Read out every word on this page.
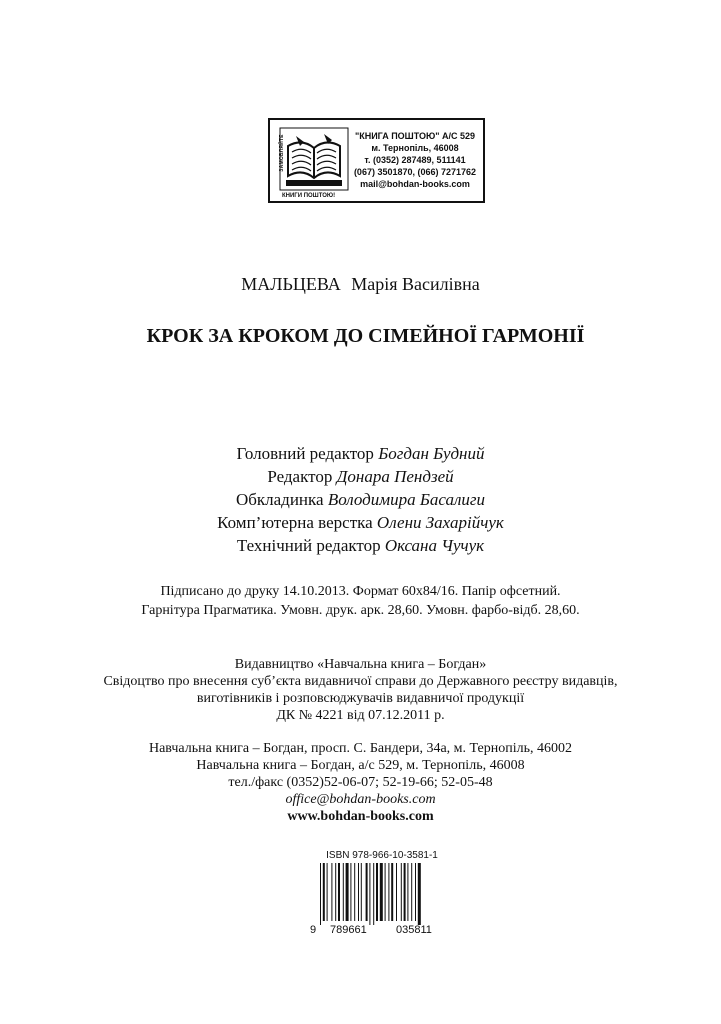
ЗАМОВЛЯЙТЕ
КНИГИ ПОШТОЮ!
"КНИГА ПОШТОЮ" А/С 529
м. Тернопіль, 46008
т. (0352) 287489, 511141
(067) 3501870, (066) 7271762
mail@bohdan-books.com
МАЛЬЦЕВА Марія Василівна
КРОК ЗА КРОКОМ ДО СІМЕЙНОЇ ГАРМОНІЇ
Головний редактор Богдан Будний
Редактор Донара Пендзей
Обкладинка Володимира Басалиги
Комп’ютерна верстка Олени Захарійчук
Технічний редактор Оксана Чучук
Підписано до друку 14.10.2013. Формат 60х84/16. Папір офсетний.
Гарнітура Прагматика. Умовн. друк. арк. 28,60. Умовн. фарбо-відб. 28,60.
Видавництво «Навчальна книга – Богдан»
Свідоцтво про внесення суб’єкта видавничої справи до Державного реєстру видавців,
виготівників і розповсюджувачів видавничої продукції
ДК № 4221 від 07.12.2011 р.
Навчальна книга – Богдан, просп. С. Бандери, 34а, м. Тернопіль, 46002
Навчальна книга – Богдан, а/с 529, м. Тернопіль, 46008
тел./факс (0352)52-06-07; 52-19-66; 52-05-48
office@bohdan-books.com
www.bohdan-books.com
ISBN 978-966-10-3581-1
9 789661	035811
